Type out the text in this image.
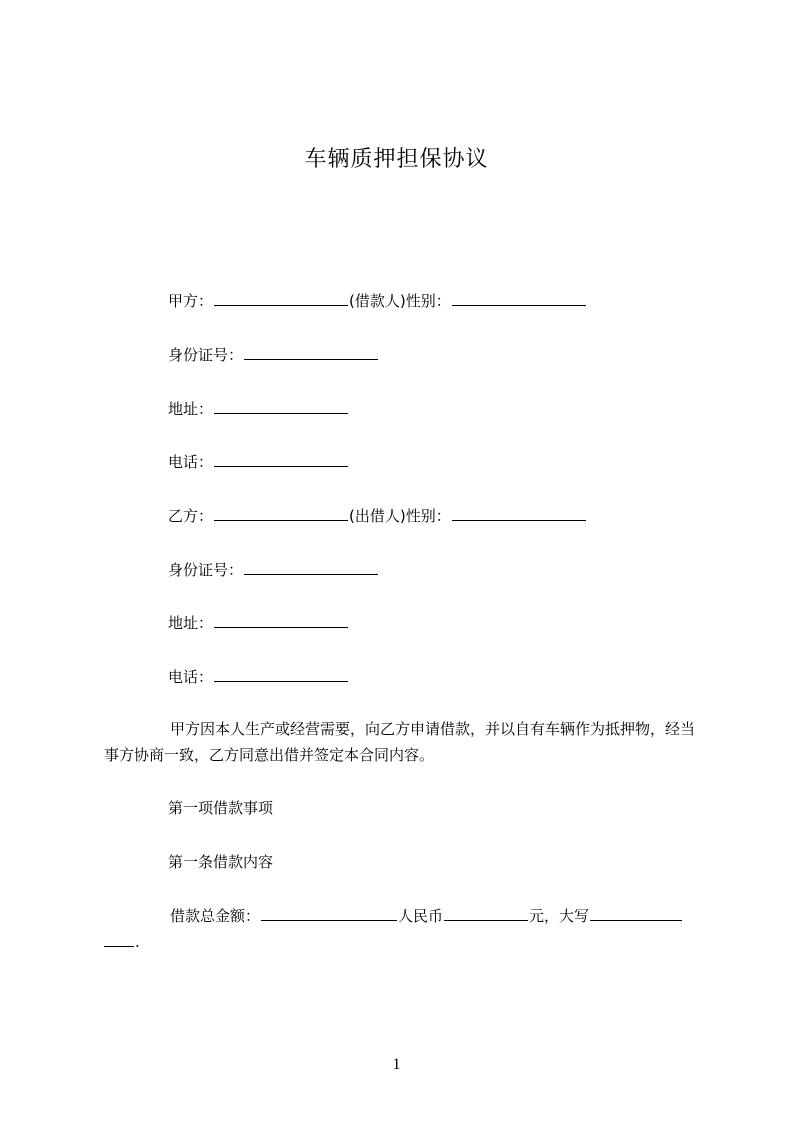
车辆质押担保协议
甲方：	(借款人)性别：
身份证号：
地址：
电话：
乙方：	(出借人)性别：
身份证号：
地址：
电话：
甲方因本人生产或经营需要，向乙方申请借款，并以自有车辆作为抵押物，经当事方协商一致，乙方同意出借并签定本合同内容。
第一项借款事项
第一条借款内容
借款总金额：	人民币	元，大写
.
1
